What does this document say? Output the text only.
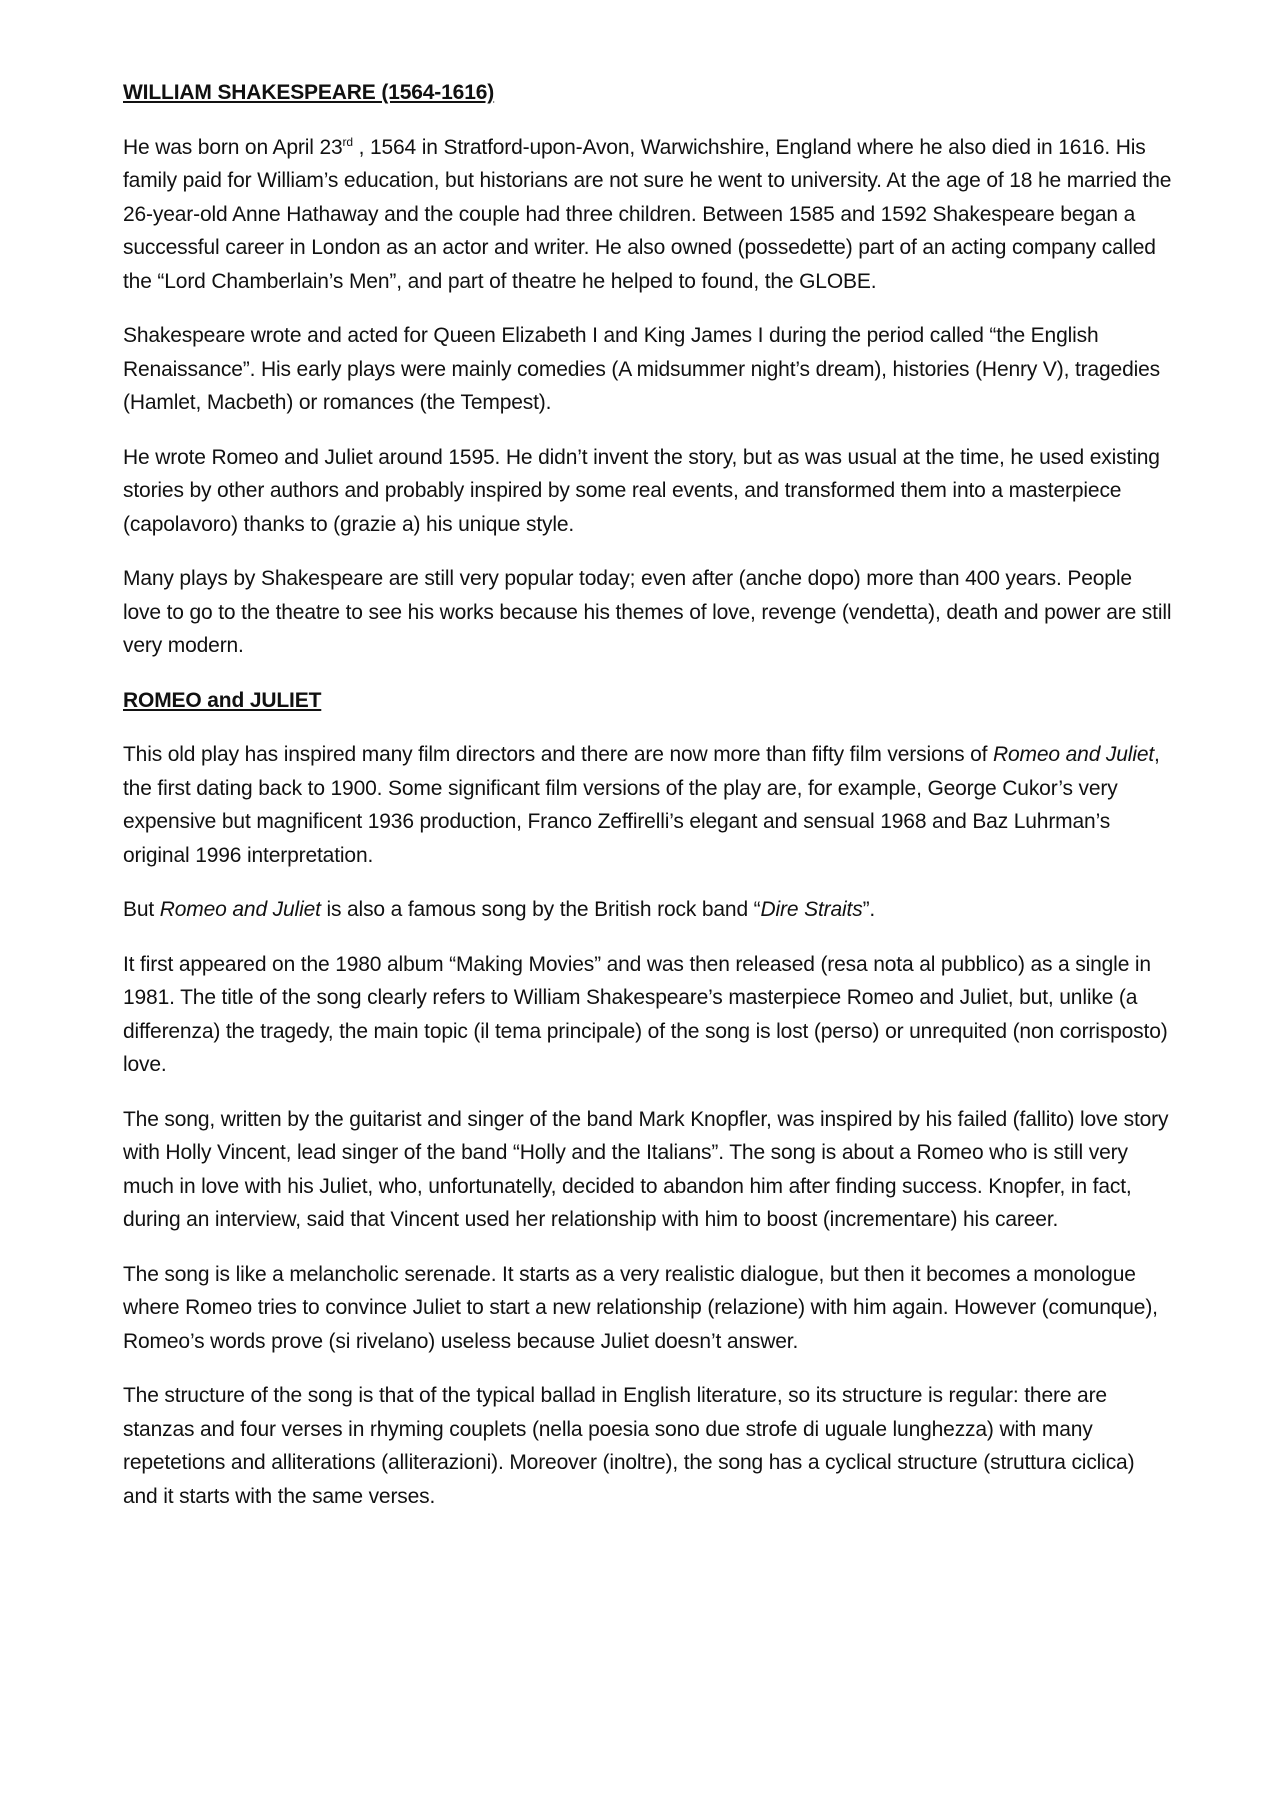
WILLIAM SHAKESPEARE (1564-1616)

He was born on April 23rd , 1564 in Stratford-upon-Avon, Warwichshire, England where he also died in 1616. His family paid for William’s education, but historians are not sure he went to university. At the age of 18 he married the 26-year-old Anne Hathaway and the couple had three children. Between 1585 and 1592 Shakespeare began a successful career in London as an actor and writer. He also owned (possedette) part of an acting company called the “Lord Chamberlain’s Men”, and part of theatre he helped to found, the GLOBE.

Shakespeare wrote and acted for Queen Elizabeth I and King James I during the period called “the English Renaissance”. His early plays were mainly comedies (A midsummer night’s dream), histories (Henry V), tragedies (Hamlet, Macbeth) or romances (the Tempest).

He wrote Romeo and Juliet around 1595. He didn’t invent the story, but as was usual at the time, he used existing stories by other authors and probably inspired by some real events, and transformed them into a masterpiece (capolavoro) thanks to (grazie a) his unique style.

Many plays by Shakespeare are still very popular today; even after (anche dopo) more than 400 years. People love to go to the theatre to see his works because his themes of love, revenge (vendetta), death and power are still very modern.

ROMEO and JULIET

This old play has inspired many film directors and there are now more than fifty film versions of Romeo and Juliet, the first dating back to 1900. Some significant film versions of the play are, for example, George Cukor’s very expensive but magnificent 1936 production, Franco Zeffirelli’s elegant and sensual 1968 and Baz Luhrman’s original 1996 interpretation.

But Romeo and Juliet is also a famous song by the British rock band “Dire Straits”.

It first appeared on the 1980 album “Making Movies” and was then released (resa nota al pubblico) as a single in 1981. The title of the song clearly refers to William Shakespeare’s masterpiece Romeo and Juliet, but, unlike (a differenza) the tragedy, the main topic (il tema principale) of the song is lost (perso) or unrequited (non corrisposto) love.

The song, written by the guitarist and singer of the band Mark Knopfler, was inspired by his failed (fallito) love story with Holly Vincent, lead singer of the band “Holly and the Italians”. The song is about a Romeo who is still very much in love with his Juliet, who, unfortunatelly, decided to abandon him after finding success. Knopfer, in fact, during an interview, said that Vincent used her relationship with him to boost (incrementare) his career.

The song is like a melancholic serenade. It starts as a very realistic dialogue, but then it becomes a monologue where Romeo tries to convince Juliet to start a new relationship (relazione) with him again. However (comunque), Romeo’s words prove (si rivelano) useless because Juliet doesn’t answer.

The structure of the song is that of the typical ballad in English literature, so its structure is regular: there are stanzas and four verses in rhyming couplets (nella poesia sono due strofe di uguale lunghezza) with many repetetions and alliterations (alliterazioni). Moreover (inoltre), the song has a cyclical structure (struttura ciclica) and it starts with the same verses.
